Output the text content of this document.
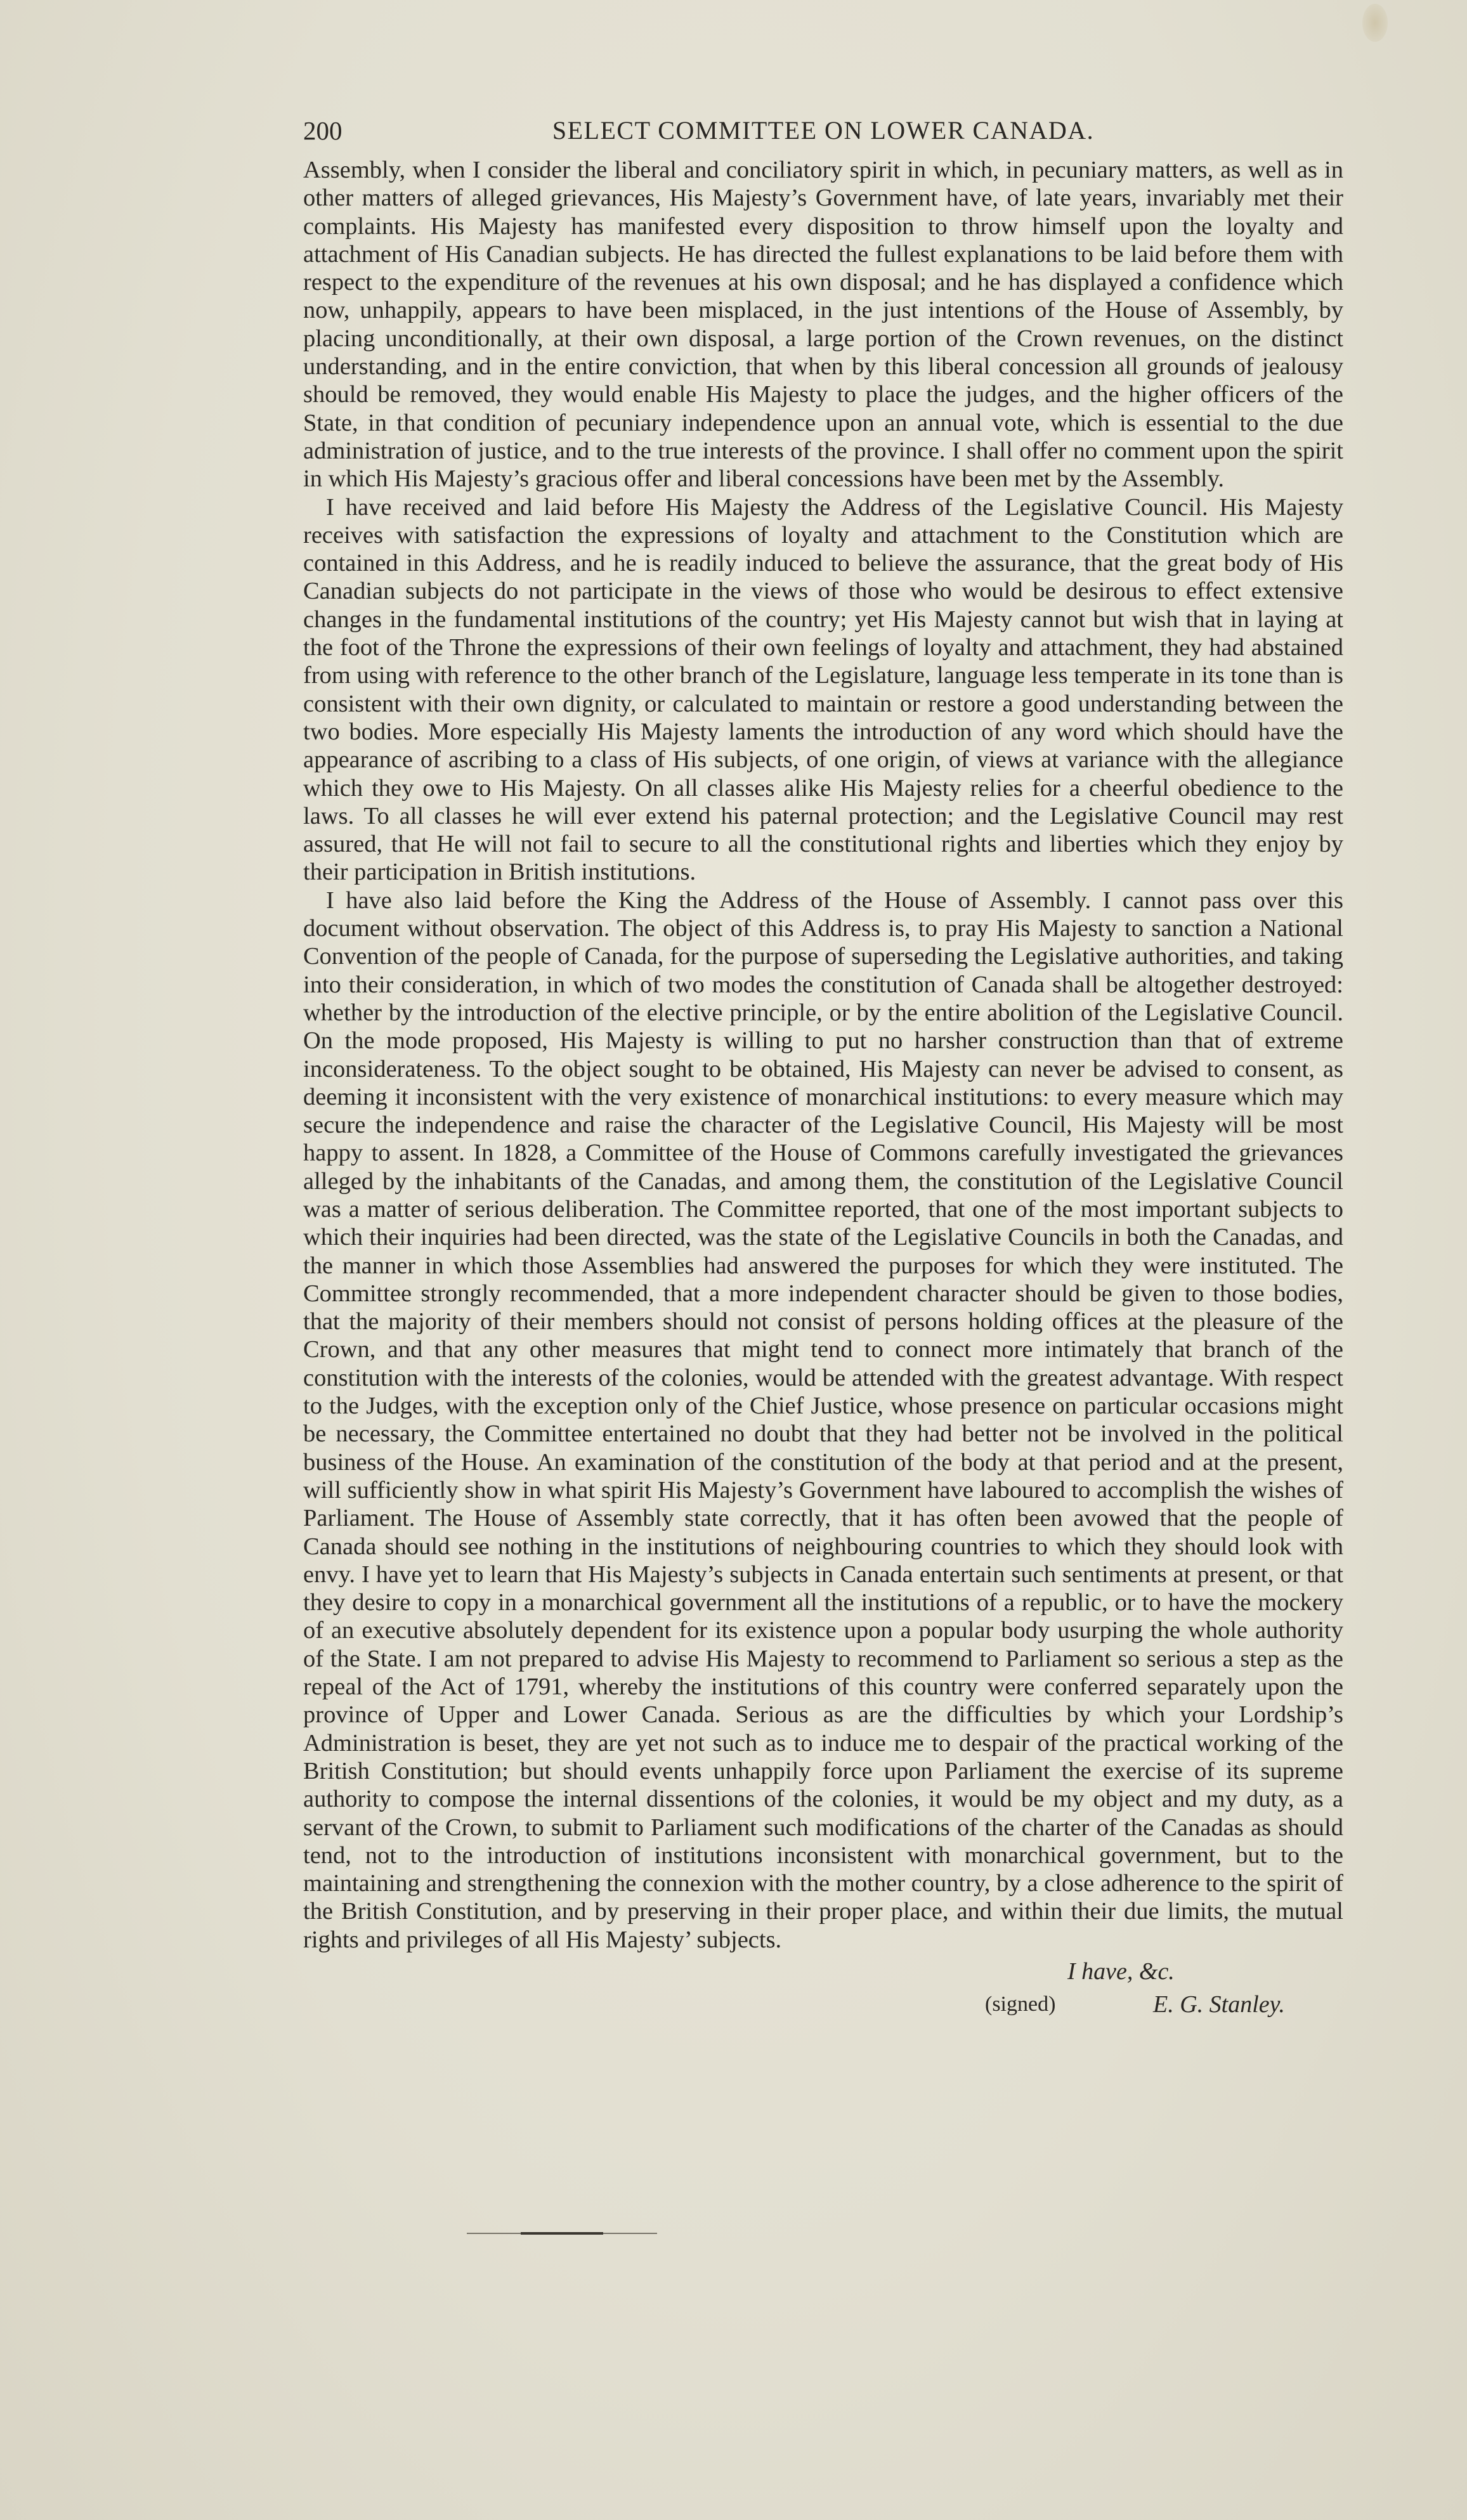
200	SELECT COMMITTEE ON LOWER CANADA.

Assembly, when I consider the liberal and conciliatory spirit in which, in pecuniary matters, as well as in other matters of alleged grievances, His Majesty’s Government have, of late years, invariably met their complaints. His Majesty has manifested every disposition to throw himself upon the loyalty and attachment of His Canadian subjects. He has directed the fullest explanations to be laid before them with respect to the expenditure of the revenues at his own disposal; and he has displayed a confidence which now, unhappily, appears to have been misplaced, in the just intentions of the House of Assembly, by placing unconditionally, at their own disposal, a large portion of the Crown revenues, on the distinct understanding, and in the entire conviction, that when by this liberal concession all grounds of jealousy should be removed, they would enable His Majesty to place the judges, and the higher officers of the State, in that condition of pecuniary independence upon an annual vote, which is essential to the due administration of justice, and to the true interests of the province. I shall offer no comment upon the spirit in which His Majesty’s gracious offer and liberal concessions have been met by the Assembly.

I have received and laid before His Majesty the Address of the Legislative Council. His Majesty receives with satisfaction the expressions of loyalty and attachment to the Constitution which are contained in this Address, and he is readily induced to believe the assurance, that the great body of His Canadian subjects do not participate in the views of those who would be desirous to effect extensive changes in the fundamental institutions of the country; yet His Majesty cannot but wish that in laying at the foot of the Throne the expressions of their own feelings of loyalty and attachment, they had abstained from using with reference to the other branch of the Legislature, language less temperate in its tone than is consistent with their own dignity, or calculated to maintain or restore a good understanding between the two bodies. More especially His Majesty laments the introduction of any word which should have the appearance of ascribing to a class of His subjects, of one origin, of views at variance with the allegiance which they owe to His Majesty. On all classes alike His Majesty relies for a cheerful obedience to the laws. To all classes he will ever extend his paternal protection; and the Legislative Council may rest assured, that He will not fail to secure to all the constitutional rights and liberties which they enjoy by their participation in British institutions.

I have also laid before the King the Address of the House of Assembly. I cannot pass over this document without observation. The object of this Address is, to pray His Majesty to sanction a National Convention of the people of Canada, for the purpose of superseding the Legislative authorities, and taking into their consideration, in which of two modes the constitution of Canada shall be altogether destroyed: whether by the introduction of the elective principle, or by the entire abolition of the Legislative Council. On the mode proposed, His Majesty is willing to put no harsher construction than that of extreme inconsiderateness. To the object sought to be obtained, His Majesty can never be advised to consent, as deeming it inconsistent with the very existence of monarchical institutions: to every measure which may secure the independence and raise the character of the Legislative Council, His Majesty will be most happy to assent. In 1828, a Committee of the House of Commons carefully investigated the grievances alleged by the inhabitants of the Canadas, and among them, the constitution of the Legislative Council was a matter of serious deliberation. The Committee reported, that one of the most important subjects to which their inquiries had been directed, was the state of the Legislative Councils in both the Canadas, and the manner in which those Assemblies had answered the purposes for which they were instituted. The Committee strongly recommended, that a more independent character should be given to those bodies, that the majority of their members should not consist of persons holding offices at the pleasure of the Crown, and that any other measures that might tend to connect more intimately that branch of the constitution with the interests of the colonies, would be attended with the greatest advantage. With respect to the Judges, with the exception only of the Chief Justice, whose presence on particular occasions might be necessary, the Committee entertained no doubt that they had better not be involved in the political business of the House. An examination of the constitution of the body at that period and at the present, will sufficiently show in what spirit His Majesty’s Government have laboured to accomplish the wishes of Parliament. The House of Assembly state correctly, that it has often been avowed that the people of Canada should see nothing in the institutions of neighbouring countries to which they should look with envy. I have yet to learn that His Majesty’s subjects in Canada entertain such sentiments at present, or that they desire to copy in a monarchical government all the institutions of a republic, or to have the mockery of an executive absolutely dependent for its existence upon a popular body usurping the whole authority of the State. I am not prepared to advise His Majesty to recommend to Parliament so serious a step as the repeal of the Act of 1791, whereby the institutions of this country were conferred separately upon the province of Upper and Lower Canada. Serious as are the difficulties by which your Lordship’s Administration is beset, they are yet not such as to induce me to despair of the practical working of the British Constitution; but should events unhappily force upon Parliament the exercise of its supreme authority to compose the internal dissentions of the colonies, it would be my object and my duty, as a servant of the Crown, to submit to Parliament such modifications of the charter of the Canadas as should tend, not to the introduction of institutions inconsistent with monarchical government, but to the maintaining and strengthening the connexion with the mother country, by a close adherence to the spirit of the British Constitution, and by preserving in their proper place, and within their due limits, the mutual rights and privileges of all His Majesty’ subjects.

I have, &c.
(signed)	E. G. Stanley.
